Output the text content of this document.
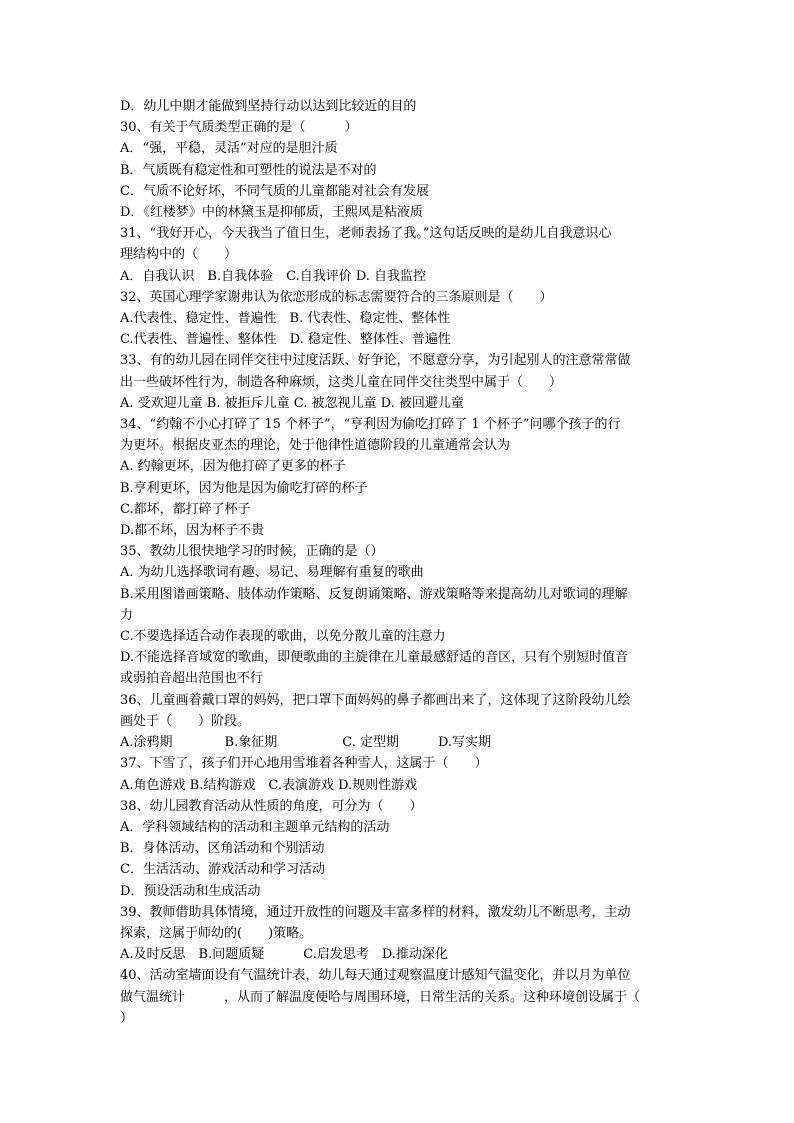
D．幼儿中期才能做到坚持行动以达到比较近的目的
30、有关于气质类型正确的是（　　　）
A．“强，平稳，灵活”对应的是胆汁质
B．气质既有稳定性和可塑性的说法是不对的
C．气质不论好坏，不同气质的儿童都能对社会有发展
D．《红楼梦》中的林黛玉是抑郁质，王熙凤是粘液质
31、“我好开心，今天我当了值日生，老师表扬了我。”这句话反映的是幼儿自我意识心
理结构中的（　　）
A．自我认识　B.自我体验　C.自我评价 D. 自我监控
32、英国心理学家谢弗认为依恋形成的标志需要符合的三条原则是（　　）
A.代表性、稳定性、普遍性　B. 代表性、稳定性、整体性
C.代表性、普遍性、整体性　D. 稳定性、整体性、普遍性
33、有的幼儿园在同伴交往中过度活跃、好争论，不愿意分享，为引起别人的注意常常做
出一些破坏性行为，制造各种麻烦，这类儿童在同伴交往类型中属于（　　）
A. 受欢迎儿童 B. 被拒斥儿童 C. 被忽视儿童 D. 被回避儿童
34、“约翰不小心打碎了 15 个杯子”，“亨利因为偷吃打碎了 1 个杯子”问哪个孩子的行
为更坏。根据皮亚杰的理论，处于他律性道德阶段的儿童通常会认为
A. 约翰更坏，因为他打碎了更多的杯子
B.亨利更坏，因为他是因为偷吃打碎的杯子
C.都坏，都打碎了杯子
D.都不坏，因为杯子不贵
35、教幼儿很快地学习的时候，正确的是（）
A. 为幼儿选择歌词有趣、易记、易理解有重复的歌曲
B.采用图谱画策略、肢体动作策略、反复朗诵策略、游戏策略等来提高幼儿对歌词的理解
力
C.不要选择适合动作表现的歌曲，以免分散儿童的注意力
D.不能选择音域宽的歌曲，即便歌曲的主旋律在儿童最感舒适的音区，只有个别短时值音
或弱拍音超出范围也不行
36、儿童画着戴口罩的妈妈，把口罩下面妈妈的鼻子都画出来了，这体现了这阶段幼儿绘
画处于（　　）阶段。
A.涂鸦期　　　　B.象征期　　　　　C. 定型期　　　D.写实期
37、下雪了，孩子们开心地用雪堆着各种雪人，这属于（　　）
A.角色游戏 B.结构游戏　C.表演游戏 D.规则性游戏
38、幼儿园教育活动从性质的角度，可分为（　　）
A．学科领域结构的活动和主题单元结构的活动
B．身体活动、区角活动和个别活动
C．生活活动、游戏活动和学习活动
D．预设活动和生成活动
39、教师借助具体情境，通过开放性的问题及丰富多样的材料，激发幼儿不断思考，主动
探索，这属于师幼的(　　)策略。
A.及时反思　B.问题质疑　　　C.启发思考　D.推动深化
40、活动室墙面设有气温统计表，幼儿每天通过观察温度计感知气温变化，并以月为单位
做气温统计　　　，从而了解温度便哈与周围环境，日常生活的关系。这种环境创设属于（
）
